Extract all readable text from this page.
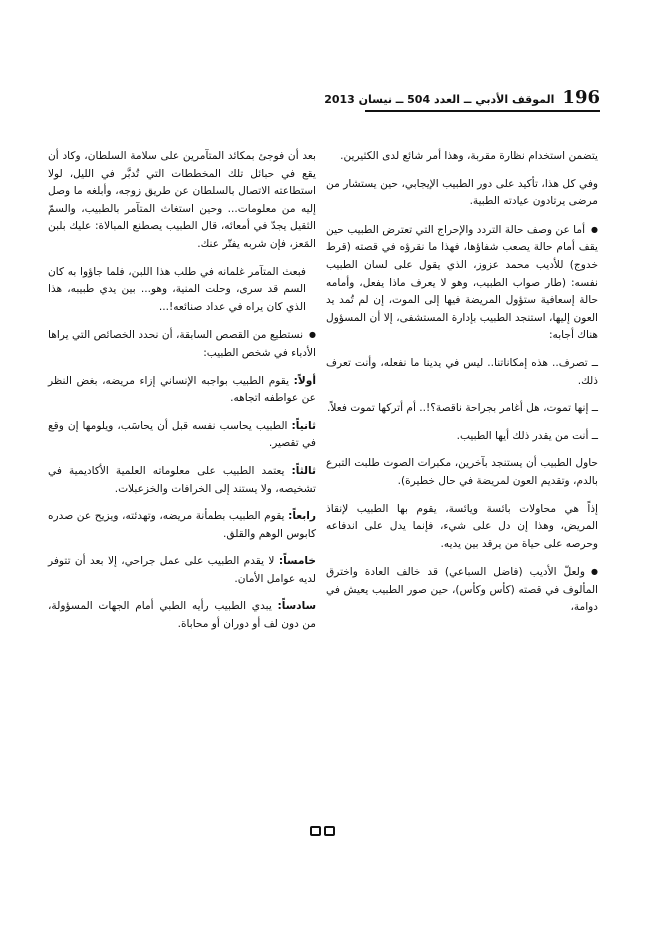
196
الموقف الأدبي ــ العدد 504 ــ نيسان 2013

يتضمن استخدام نظارة مقربة، وهذا أمر شائع لدى الكثيرين.

وفي كل هذا، تأكيد على دور الطبيب الإيجابي، حين يستشار من مرضى يرتادون عيادته الطبية.

● أما عن وصف حالة التردد والإحراج التي تعترض الطبيب حين يقف أمام حالة يصعب شفاؤها، فهذا ما نقرؤه في قصته (قرط خدوج) للأديب محمد عزوز، الذي يقول على لسان الطبيب نفسه: (طار صواب الطبيب، وهو لا يعرف ماذا يفعل، وأمامه حالة إسعافية ستؤول المريضة فيها إلى الموت، إن لم تُمد يد العون إليها، استنجد الطبيب بإدارة المستشفى، إلا أن المسؤول هناك أجابه:

ــ تصرف.. هذه إمكاناتنا.. ليس في يدينا ما نفعله، وأنت تعرف ذلك.

ــ إنها تموت، هل أغامر بجراحة ناقصة؟!.. أم أتركها تموت فعلاً.

ــ أنت من يقدر ذلك أيها الطبيب.

حاول الطبيب أن يستنجد بآخرين، مكبرات الصوت طلبت التبرع بالدم، وتقديم العون لمريضة في حال خطيرة).

إذاً هي محاولات بائسة ويائسة، يقوم بها الطبيب لإنقاذ المريض، وهذا إن دل على شيء، فإنما يدل على اندفاعه وحرصه على حياة من يرقد بين يديه.

● ولعلّ الأديب (فاضل السباعي) قد خالف العادة واخترق المألوف في قصته (كأس وكأس)، حين صور الطبيب يعيش في دوامة،

بعد أن فوجئ بمكائد المتآمرين على سلامة السلطان، وكاد أن يقع في حبائل تلك المخططات التي تُدبَّر في الليل، لولا استطاعته الاتصال بالسلطان عن طريق زوجه، وأبلغه ما وصل إليه من معلومات... وحين استغاث المتآمر بالطبيب، والسمّ الثقيل يجدّ في أمعائه، قال الطبيب يصطنع المبالاة: عليك بلبن المَعز، فإن شربه يفتّر عنك.

فبعث المتآمر غلمانه في طلب هذا اللبن، فلما جاؤوا به كان السم قد سرى، وحلت المنية، وهو... بين يدي طبيبه، هذا الذي كان يراه في عداد صنائعه!...

● نستطيع من القصص السابقة، أن نحدد الخصائص التي يراها الأدباء في شخص الطبيب:

أولاً: يقوم الطبيب بواجبه الإنساني إزاء مريضه، بغض النظر عن عواطفه اتجاهه.

ثانياً: الطبيب يحاسب نفسه قبل أن يحاسَب، ويلومها إن وقع في تقصير.

ثالثاً: يعتمد الطبيب على معلوماته العلمية الأكاديمية في تشخيصه، ولا يستند إلى الخرافات والخزعبلات.

رابعاً: يقوم الطبيب بطمأنة مريضه، وتهدئته، ويزيح عن صدره كابوس الوهم والقلق.

خامساً: لا يقدم الطبيب على عمل جراحي، إلا بعد أن تتوفر لديه عوامل الأمان.

سادساً: يبدي الطبيب رأيه الطبي أمام الجهات المسؤولة، من دون لف أو دوران أو محاباة.
